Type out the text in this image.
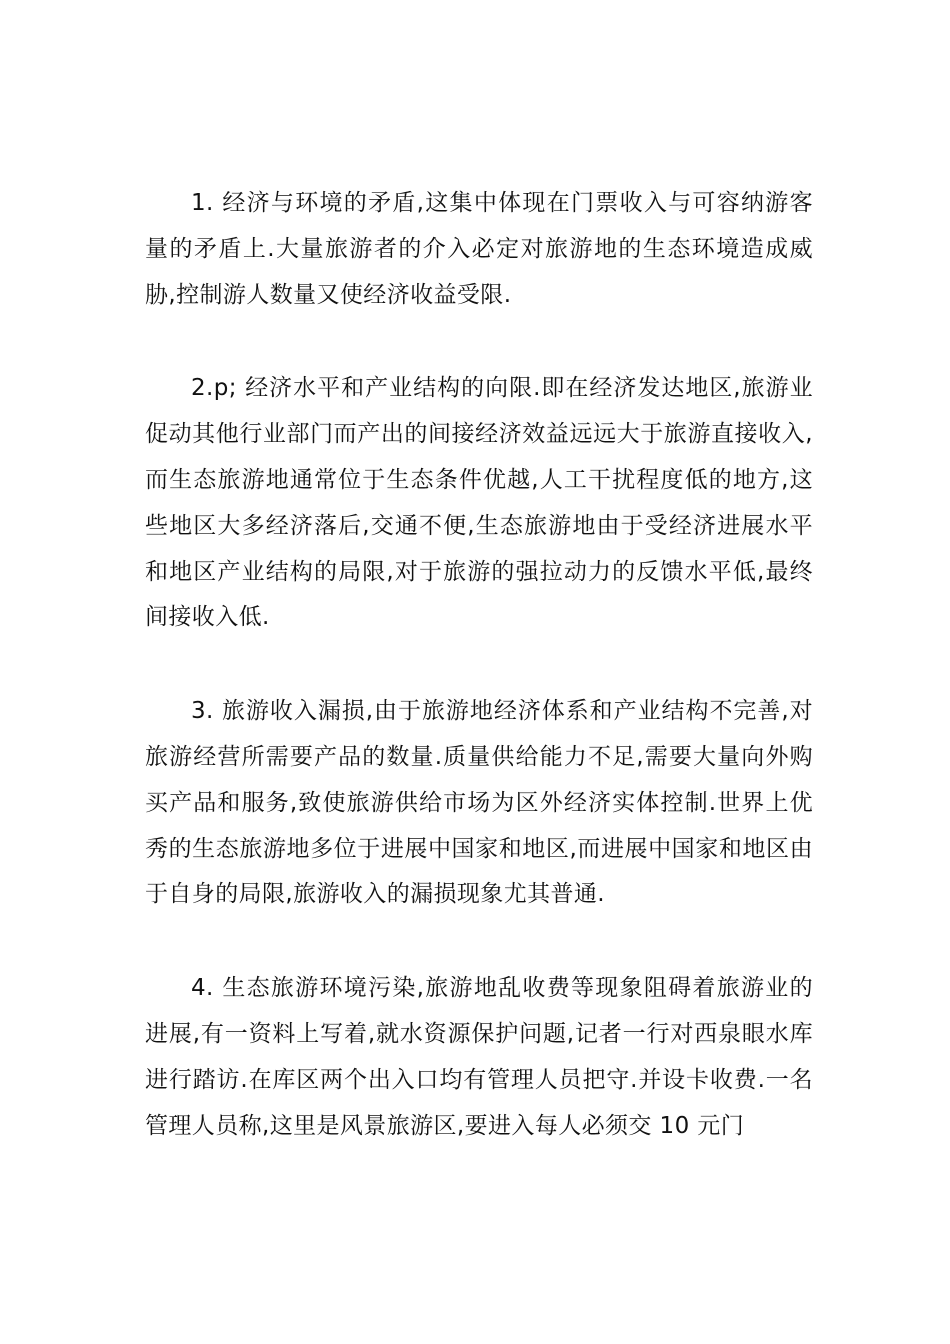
1. 经济与环境的矛盾,这集中体现在门票收入与可容纳游客量的矛盾上.大量旅游者的介入必定对旅游地的生态环境造成威胁,控制游人数量又使经济收益受限.

2.p; 经济水平和产业结构的向限.即在经济发达地区,旅游业促动其他行业部门而产出的间接经济效益远远大于旅游直接收入,而生态旅游地通常位于生态条件优越,人工干扰程度低的地方,这些地区大多经济落后,交通不便,生态旅游地由于受经济进展水平和地区产业结构的局限,对于旅游的强拉动力的反馈水平低,最终间接收入低.

3. 旅游收入漏损,由于旅游地经济体系和产业结构不完善,对旅游经营所需要产品的数量.质量供给能力不足,需要大量向外购买产品和服务,致使旅游供给市场为区外经济实体控制.世界上优秀的生态旅游地多位于进展中国家和地区,而进展中国家和地区由于自身的局限,旅游收入的漏损现象尤其普通.

4. 生态旅游环境污染,旅游地乱收费等现象阻碍着旅游业的进展,有一资料上写着,就水资源保护问题,记者一行对西泉眼水库进行踏访.在库区两个出入口均有管理人员把守.并设卡收费.一名管理人员称,这里是风景旅游区,要进入每人必须交 10 元门
